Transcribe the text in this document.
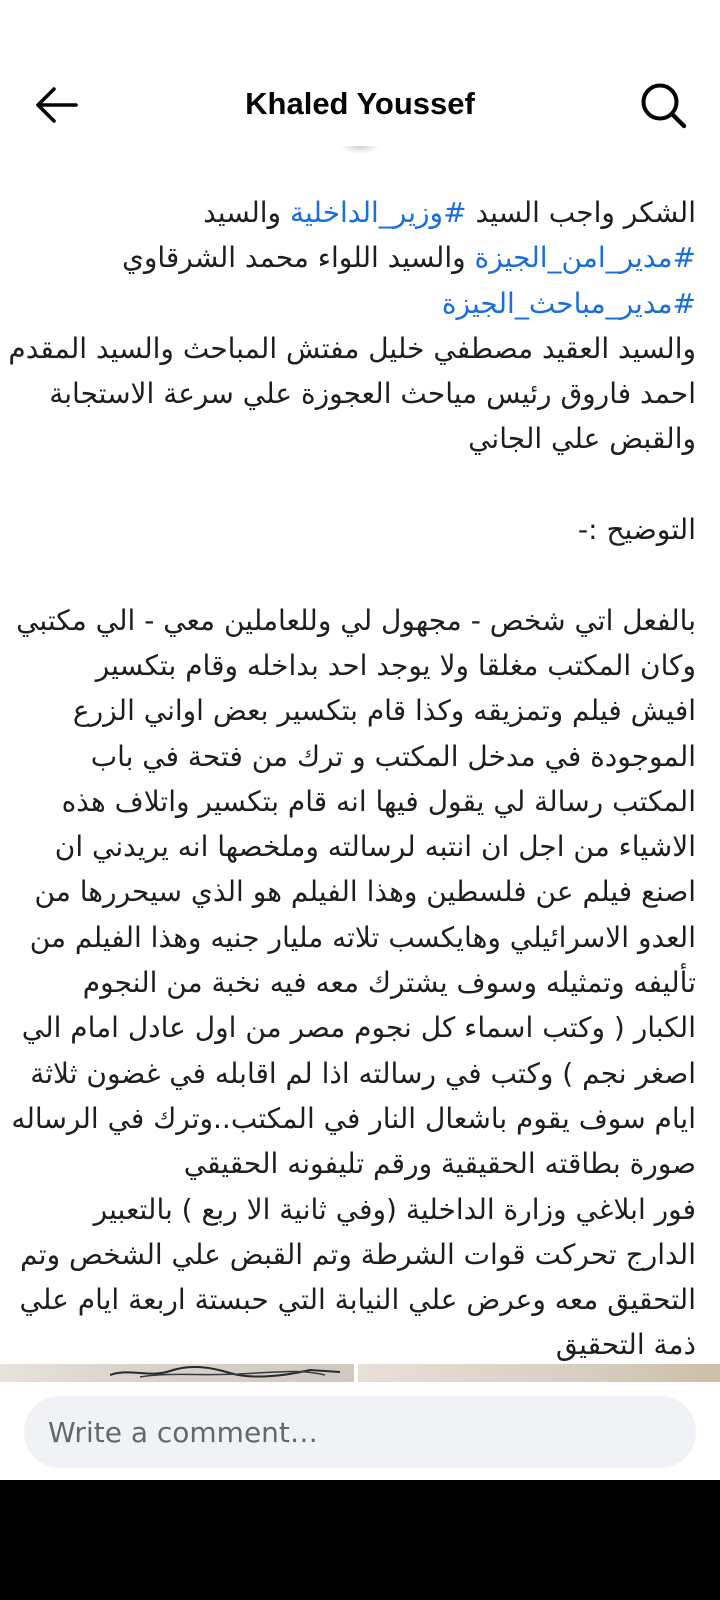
Khaled Youssef
الشكر واجب السيد #وزير_الداخلية والسيد
#مدير_امن_الجيزة والسيد اللواء محمد الشرقاوي
#مدير_مباحث_الجيزة
والسيد العقيد مصطفي خليل مفتش المباحث والسيد المقدم
احمد فاروق رئيس مياحث العجوزة علي سرعة الاستجابة
والقبض علي الجاني
التوضيح :-
بالفعل اتي شخص - مجهول لي وللعاملين معي - الي مكتبي
وكان المكتب مغلقا ولا يوجد احد بداخله وقام بتكسير
افيش فيلم وتمزيقه وكذا قام بتكسير بعض اواني الزرع
الموجودة في مدخل المكتب و ترك من فتحة في باب
المكتب رسالة لي يقول فيها انه قام بتكسير واتلاف هذه
الاشياء من اجل ان انتبه لرسالته وملخصها انه يريدني ان
اصنع فيلم عن فلسطين وهذا الفيلم هو الذي سيحررها من
العدو الاسرائيلي وهايكسب تلاته مليار جنيه وهذا الفيلم من
تأليفه وتمثيله وسوف يشترك معه فيه نخبة من النجوم
الكبار ( وكتب اسماء كل نجوم مصر من اول عادل امام الي
اصغر نجم ) وكتب في رسالته اذا لم اقابله في غضون ثلاثة
ايام سوف يقوم باشعال النار في المكتب..وترك في الرساله
صورة بطاقته الحقيقية ورقم تليفونه الحقيقي
فور ابلاغي وزارة الداخلية (وفي ثانية الا ربع ) بالتعبير
الدارج تحركت قوات الشرطة وتم القبض علي الشخص وتم
التحقيق معه وعرض علي النيابة التي حبستة اربعة ايام علي
ذمة التحقيق
Write a comment…
